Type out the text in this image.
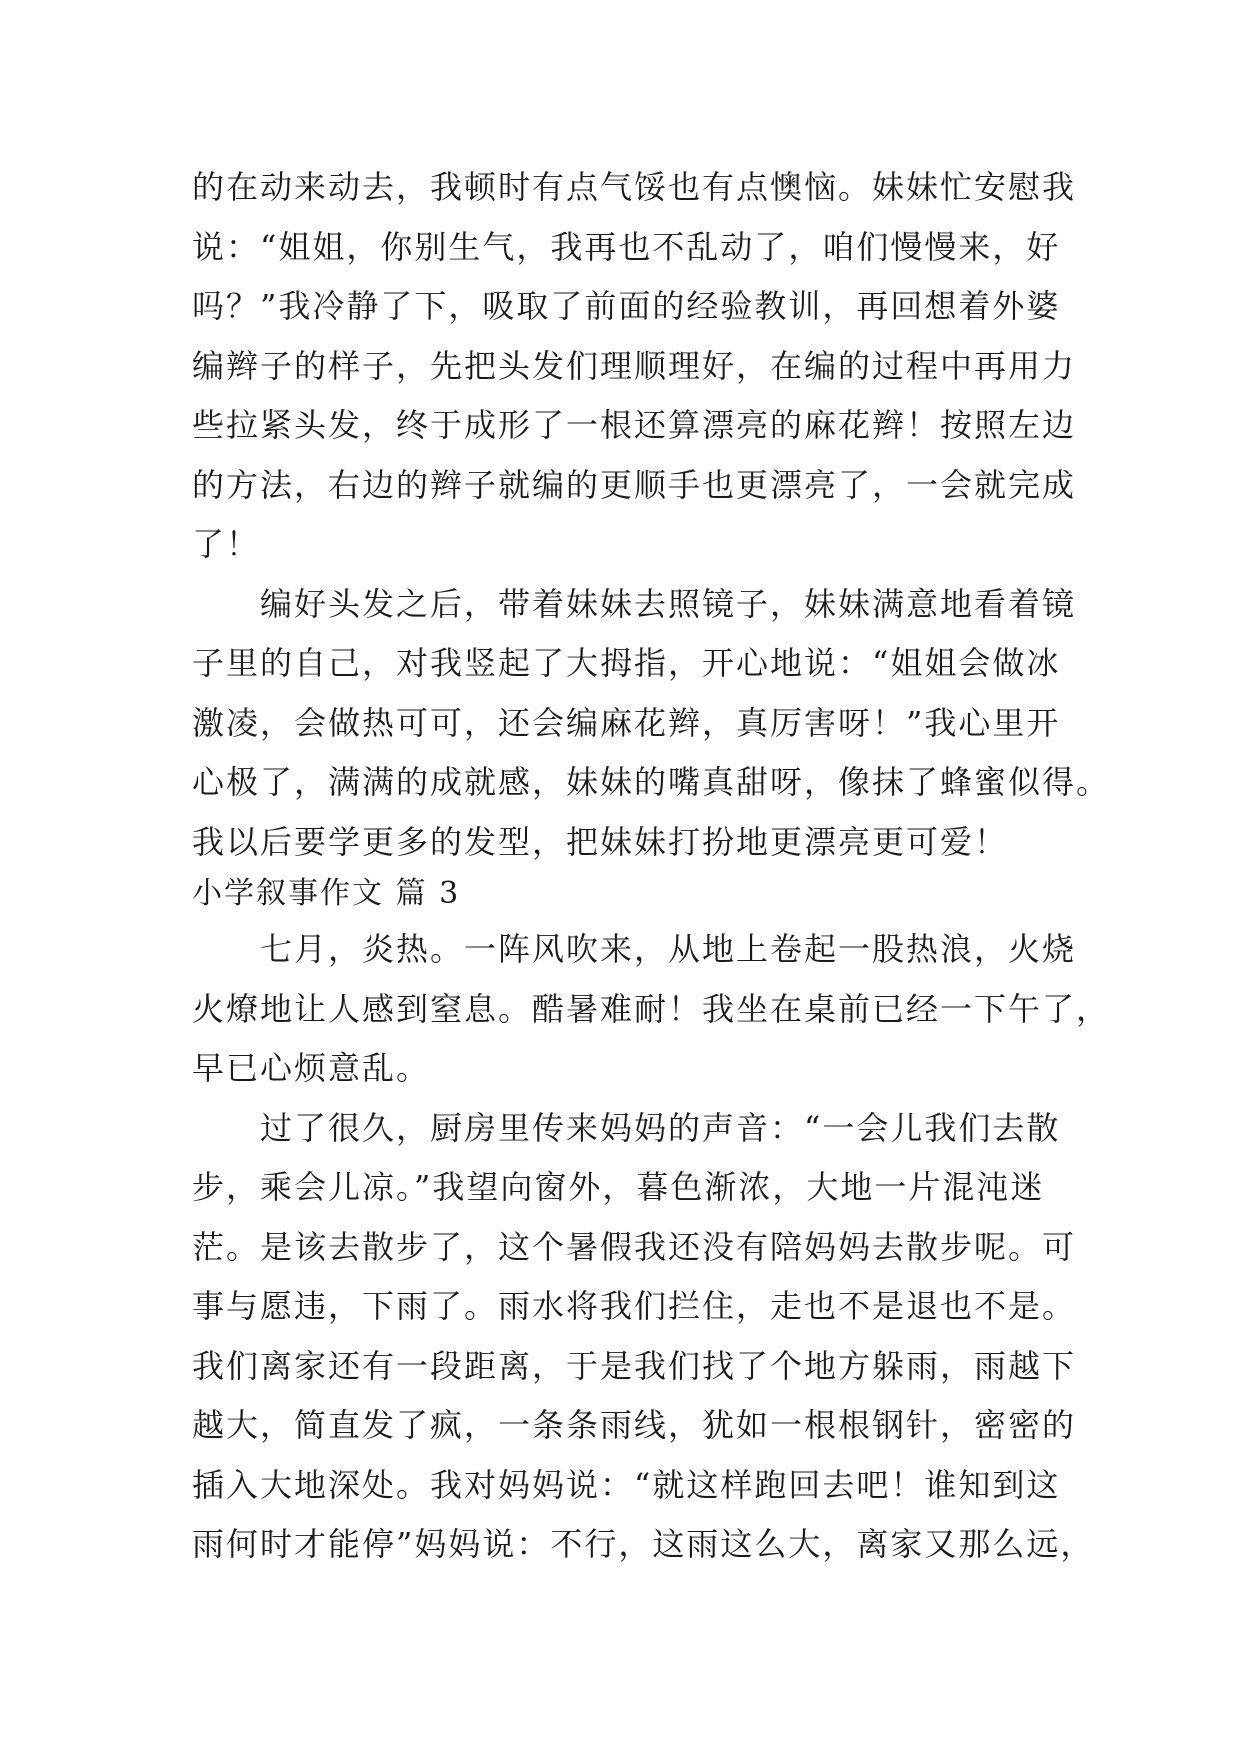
的在动来动去，我顿时有点气馁也有点懊恼。妹妹忙安慰我
说：“姐姐，你别生气，我再也不乱动了，咱们慢慢来，好
吗？”我冷静了下，吸取了前面的经验教训，再回想着外婆
编辫子的样子，先把头发们理顺理好，在编的过程中再用力
些拉紧头发，终于成形了一根还算漂亮的麻花辫！按照左边
的方法，右边的辫子就编的更顺手也更漂亮了，一会就完成
了！
　　编好头发之后，带着妹妹去照镜子，妹妹满意地看着镜
子里的自己，对我竖起了大拇指，开心地说：“姐姐会做冰
激凌，会做热可可，还会编麻花辫，真厉害呀！”我心里开
心极了，满满的成就感，妹妹的嘴真甜呀，像抹了蜂蜜似得。
我以后要学更多的发型，把妹妹打扮地更漂亮更可爱！
小学叙事作文 篇 3
　　七月，炎热。一阵风吹来，从地上卷起一股热浪，火烧
火燎地让人感到窒息。酷暑难耐！我坐在桌前已经一下午了，
早已心烦意乱。
　　过了很久，厨房里传来妈妈的声音：“一会儿我们去散
步，乘会儿凉。”我望向窗外，暮色渐浓，大地一片混沌迷
茫。是该去散步了，这个暑假我还没有陪妈妈去散步呢。可
事与愿违，下雨了。雨水将我们拦住，走也不是退也不是。
我们离家还有一段距离，于是我们找了个地方躲雨，雨越下
越大，简直发了疯，一条条雨线，犹如一根根钢针，密密的
插入大地深处。我对妈妈说：“就这样跑回去吧！谁知到这
雨何时才能停”妈妈说：不行，这雨这么大，离家又那么远，
